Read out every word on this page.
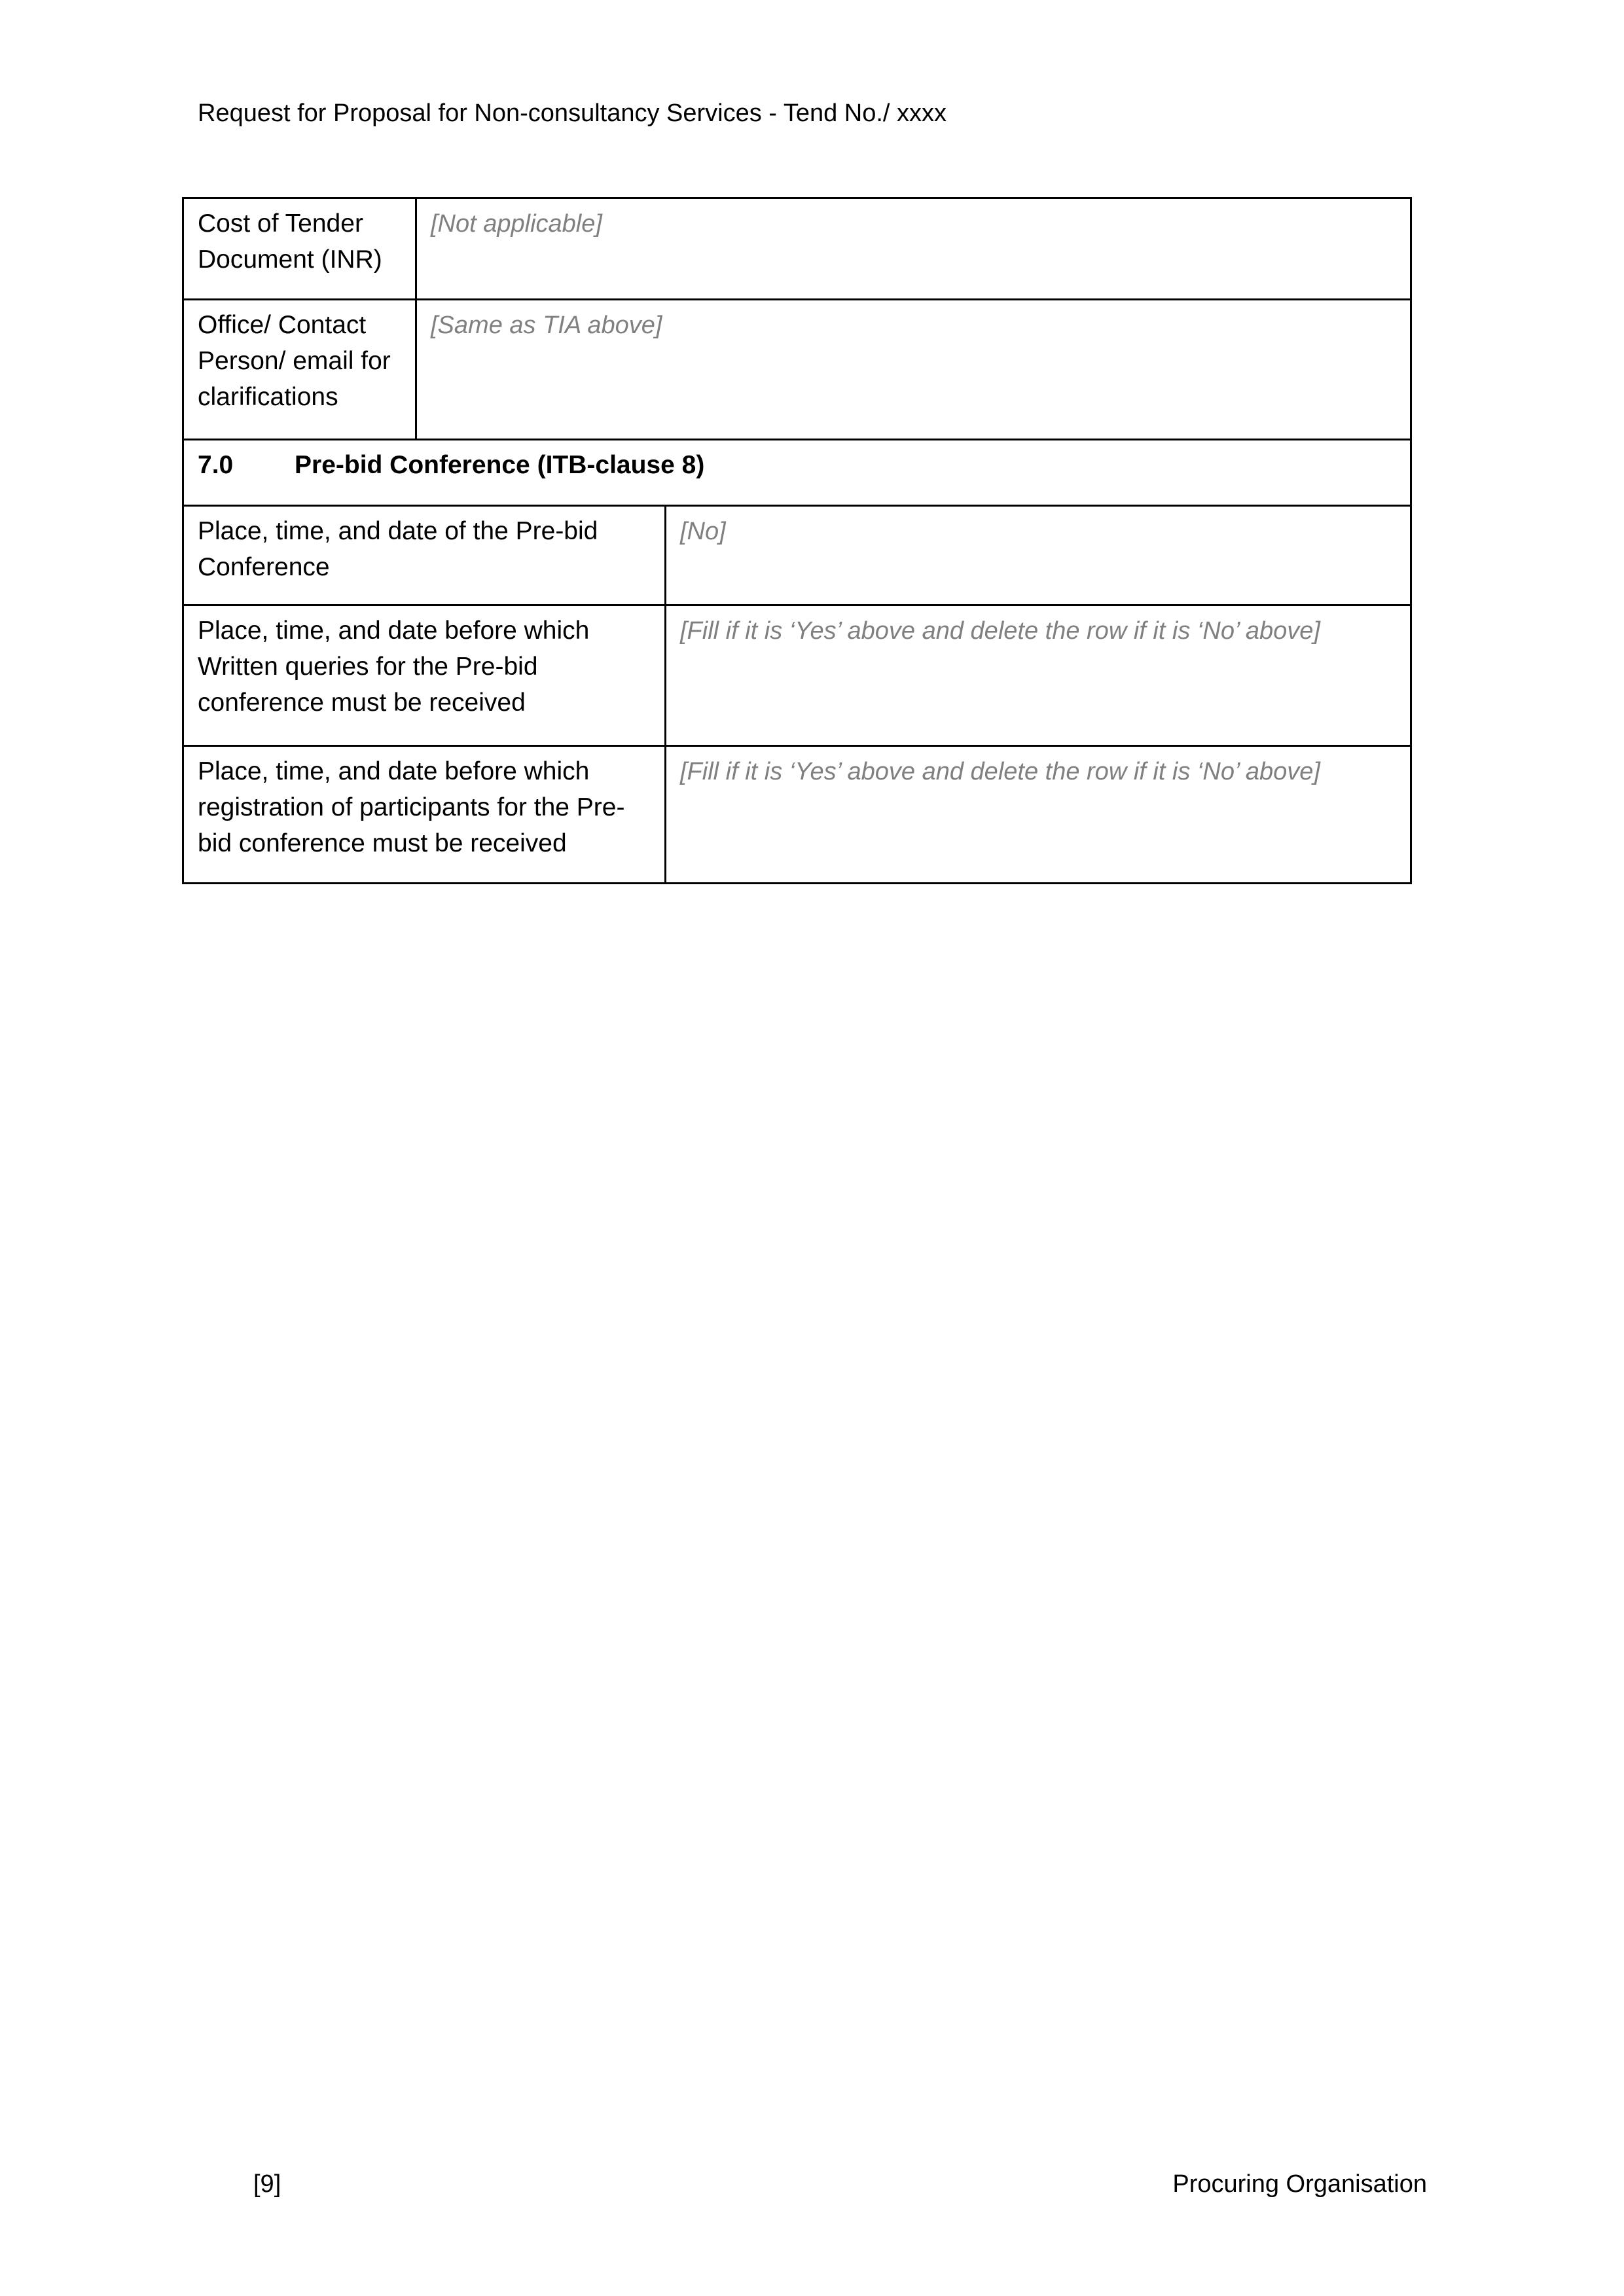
Request for Proposal for Non-consultancy Services - Tend No./ xxxx
Cost of Tender Document (INR)	[Not applicable]	
Office/ Contact Person/ email for clarifications	[Same as TIA above]	
7.0 Pre-bid Conference (ITB-clause 8)		
Place, time, and date of the Pre-bid Conference		[No]
Place, time, and date before which Written queries for the Pre-bid conference must be received		[Fill if it is ‘Yes’ above and delete the row if it is ‘No’ above]
Place, time, and date before which registration of participants for the Pre-bid conference must be received		[Fill if it is ‘Yes’ above and delete the row if it is ‘No’ above]
[9]	Procuring Organisation
